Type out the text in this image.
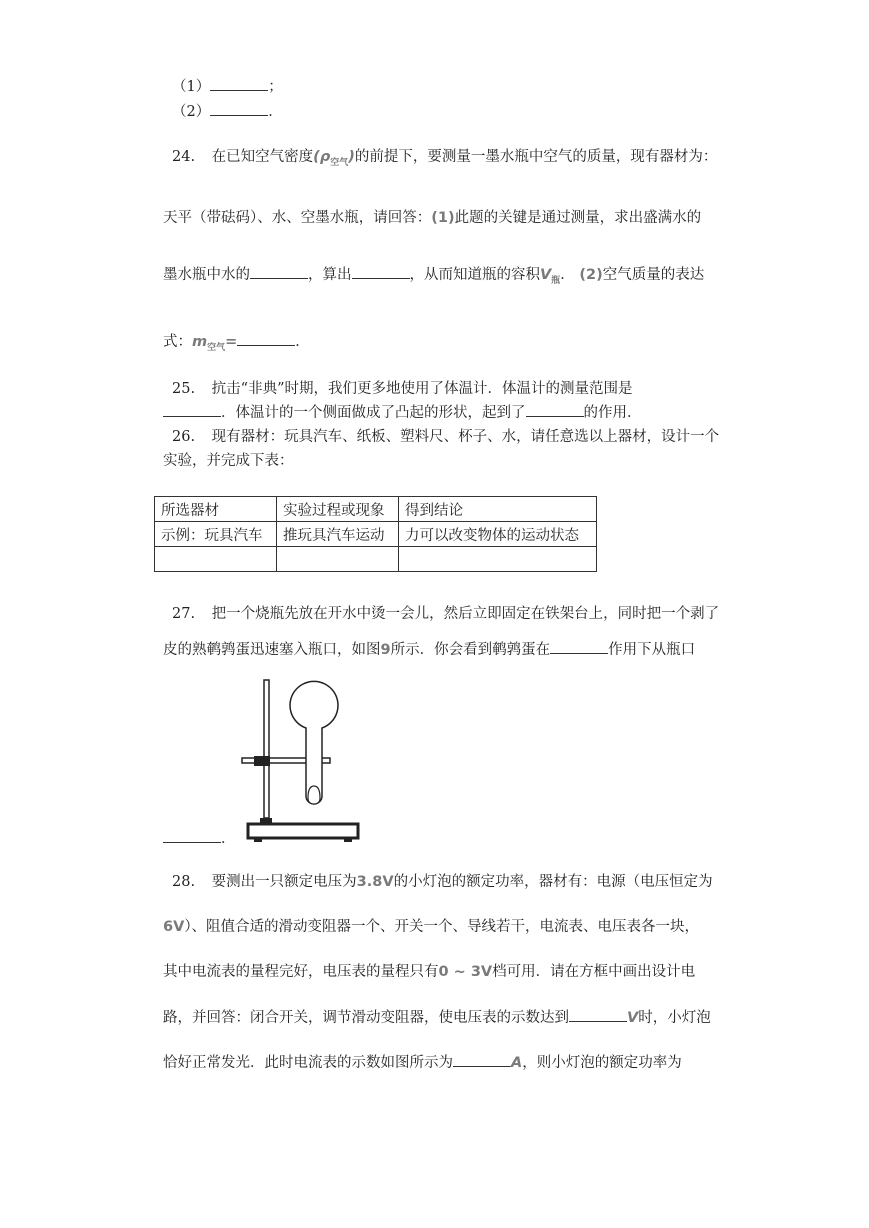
（1）	；
（2）	．
24. 在已知空气密度$(\rho_{空气})$的前提下，要测量一墨水瓶中空气的质量，现有器材为：
天平（带砝码）、水、空墨水瓶，请回答：(1)此题的关键是通过测量，求出盛满水的
墨水瓶中水的	，算出	，从而知道瓶的容积$V_瓶$． (2)空气质量的表达
式：$m_{空气}=$	．
25. 抗击“非典”时期，我们更多地使用了体温计．体温计的测量范围是
．体温计的一个侧面做成了凸起的形状，起到了	的作用．
26. 现有器材：玩具汽车、纸板、塑料尺、杯子、水，请任意选以上器材，设计一个
实验，并完成下表：
所选器材	实验过程或现象	得到结论
示例：玩具汽车	推玩具汽车运动	力可以改变物体的运动状态

27. 把一个烧瓶先放在开水中烫一会儿，然后立即固定在铁架台上，同时把一个剥了
皮的熟鹌鹑蛋迅速塞入瓶口，如图9所示．你会看到鹌鹑蛋在	作用下从瓶口
．
28. 要测出一只额定电压为3.8V的小灯泡的额定功率，器材有：电源（电压恒定为
6V）、阻值合适的滑动变阻器一个、开关一个、导线若干，电流表、电压表各一块，
其中电流表的量程完好，电压表的量程只有0 ~ 3V档可用．请在方框中画出设计电
路，并回答：闭合开关，调节滑动变阻器，使电压表的示数达到	V时，小灯泡
恰好正常发光．此时电流表的示数如图所示为	A，则小灯泡的额定功率为
